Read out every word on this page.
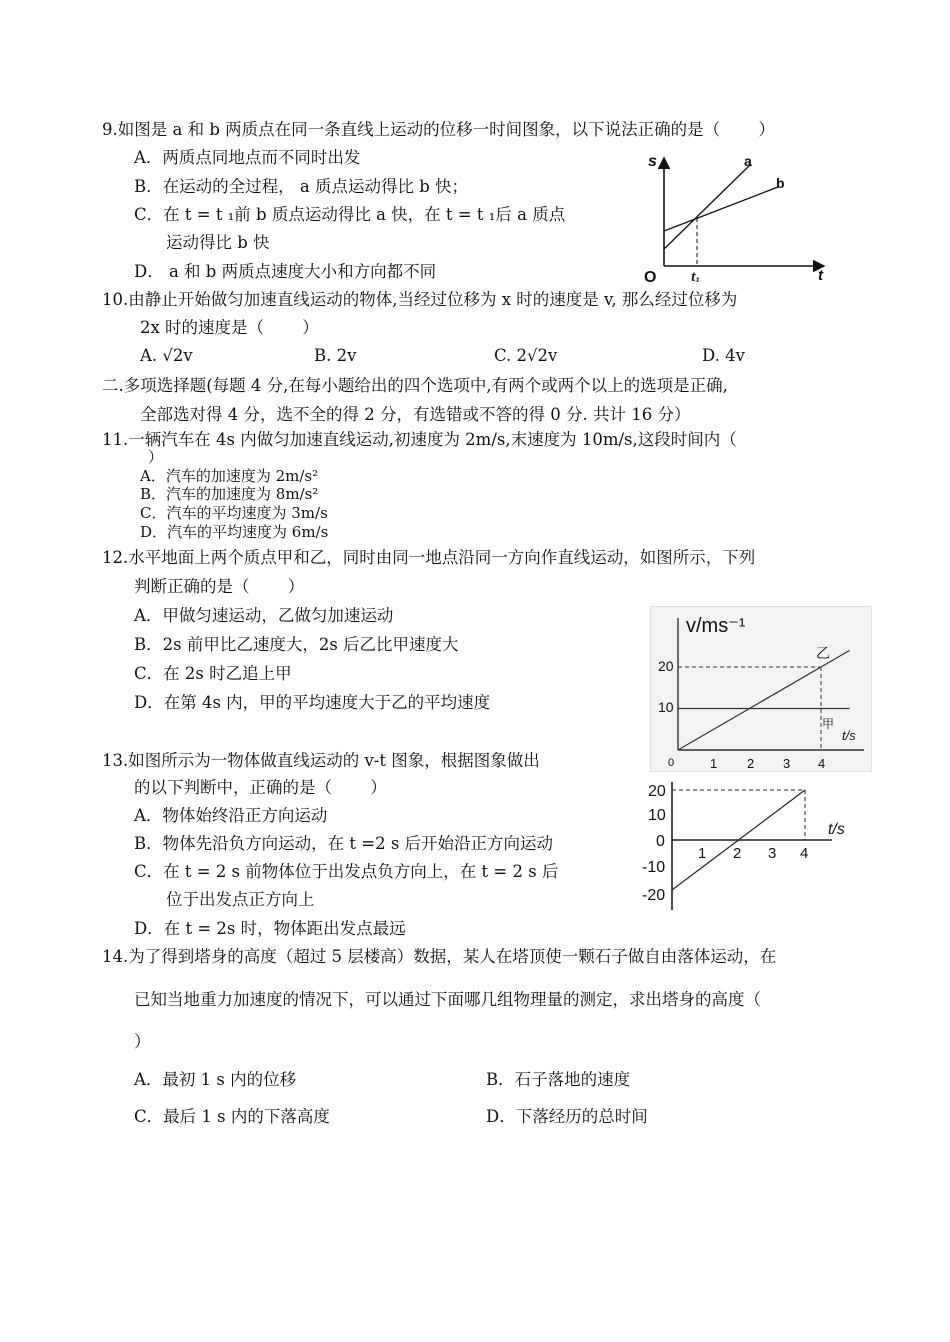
9.如图是 a 和 b 两质点在同一条直线上运动的位移一时间图象，以下说法正确的是（　　 ）
A．两质点同地点而不同时出发
B．在运动的全过程， a 质点运动得比 b 快；
C．在 t = t ₁前 b 质点运动得比 a 快，在 t = t ₁后 a 质点
运动得比 b 快
D． a 和 b 两质点速度大小和方向都不同
s
t
O
a
b
t₁
10.由静止开始做匀加速直线运动的物体,当经过位移为 x 时的速度是 v, 那么经过位移为
2x 时的速度是（　　 ）
A. √2v	B. 2v	C. 2√2v	D. 4v
二.多项选择题(每题 4 分,在每小题给出的四个选项中,有两个或两个以上的选项是正确,
全部选对得 4 分，选不全的得 2 分，有选错或不答的得 0 分. 共计 16 分）
11.一辆汽车在 4s 内做匀加速直线运动,初速度为 2m/s,末速度为 10m/s,这段时间内（
）
A．汽车的加速度为 2m/s²
B．汽车的加速度为 8m/s²
C．汽车的平均速度为 3m/s
D．汽车的平均速度为 6m/s
12.水平地面上两个质点甲和乙，同时由同一地点沿同一方向作直线运动，如图所示，下列
判断正确的是（　　 ）
A．甲做匀速运动，乙做匀加速运动
B．2s 前甲比乙速度大，2s 后乙比甲速度大
C．在 2s 时乙追上甲
D．在第 4s 内，甲的平均速度大于乙的平均速度
v/ms⁻¹
t/s
0
20
10
1 2 3 4
乙
甲
13.如图所示为一物体做直线运动的 v-t 图象，根据图象做出
的以下判断中，正确的是（　　 ）
A．物体始终沿正方向运动
B．物体先沿负方向运动，在 t =2 s 后开始沿正方向运动
C．在 t = 2 s 前物体位于出发点负方向上，在 t = 2 s 后
位于出发点正方向上
D．在 t = 2s 时，物体距出发点最远
20
10
0
-10
-20
1 2 3 4
t/s
14.为了得到塔身的高度（超过 5 层楼高）数据，某人在塔顶使一颗石子做自由落体运动，在
已知当地重力加速度的情况下，可以通过下面哪几组物理量的测定，求出塔身的高度（
）
A．最初 1 s 内的位移	B．石子落地的速度
C．最后 1 s 内的下落高度	D．下落经历的总时间
